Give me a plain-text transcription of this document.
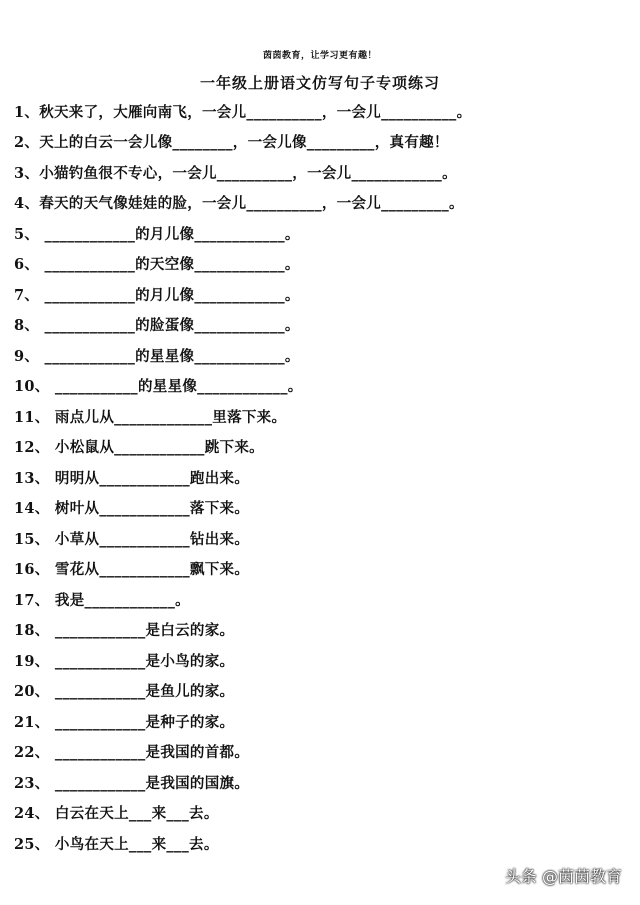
茵茵教育，让学习更有趣！
一年级上册语文仿写句子专项练习
1、秋天来了，大雁向南飞，一会儿__________，一会儿__________。
2、天上的白云一会儿像________，一会儿像_________，真有趣！
3、小猫钓鱼很不专心，一会儿__________，一会儿____________。
4、春天的天气像娃娃的脸，一会儿__________，一会儿_________。
5、 ____________的月儿像____________。
6、 ____________的天空像____________。
7、 ____________的月儿像____________。
8、 ____________的脸蛋像____________。
9、 ____________的星星像____________。
10、 ___________的星星像____________。
11、 雨点儿从_____________里落下来。
12、 小松鼠从____________跳下来。
13、 明明从____________跑出来。
14、 树叶从____________落下来。
15、 小草从____________钻出来。
16、 雪花从____________飘下来。
17、 我是____________。
18、 ____________是白云的家。
19、 ____________是小鸟的家。
20、 ____________是鱼儿的家。
21、 ____________是种子的家。
22、 ____________是我国的首都。
23、 ____________是我国的国旗。
24、 白云在天上___来___去。
25、 小鸟在天上___来___去。
头条 @茵茵教育
